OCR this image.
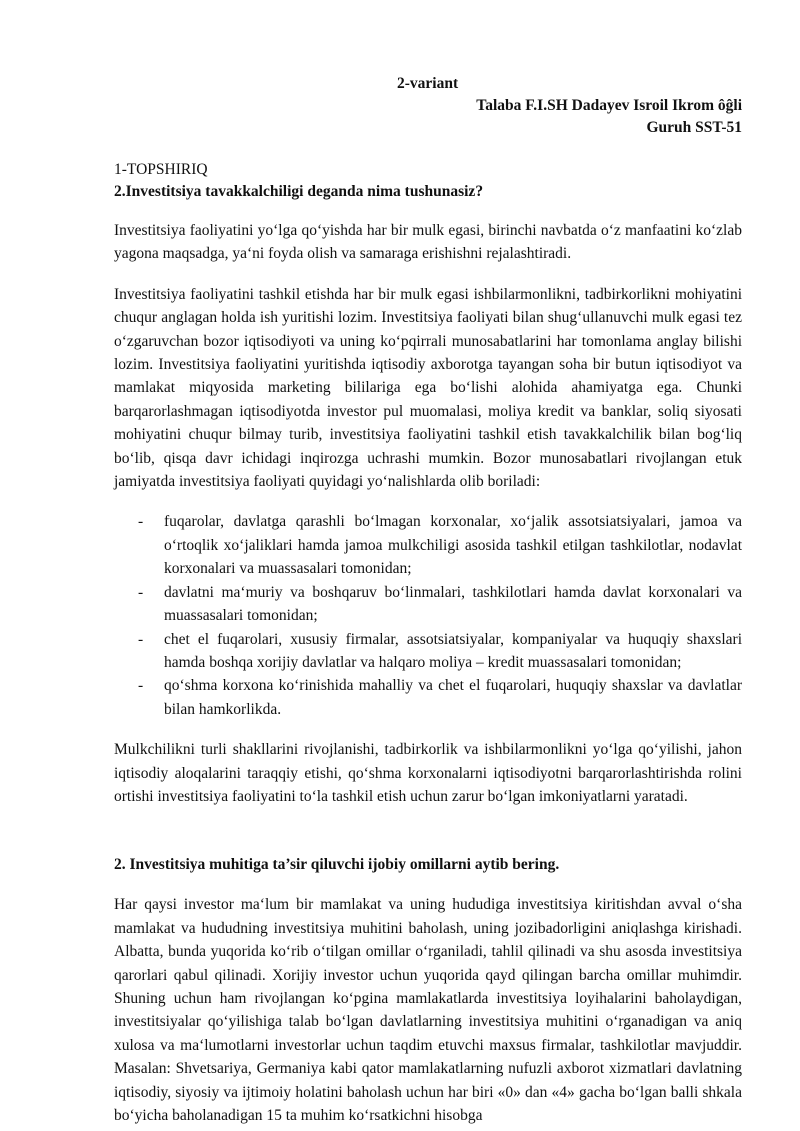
2-variant
Talaba F.I.SH Dadayev Isroil Ikrom ôĝli
Guruh SST-51
1-TOPSHIRIQ
2.Investitsiya tavakkalchiligi deganda nima tushunasiz?

Investitsiya faoliyatini yo‘lga qo‘yishda har bir mulk egasi, birinchi navbatda o‘z manfaatini ko‘zlab yagona maqsadga, ya‘ni foyda olish va samaraga erishishni rejalashtiradi.

Investitsiya faoliyatini tashkil etishda har bir mulk egasi ishbilarmonlikni, tadbirkorlikni mohiyatini chuqur anglagan holda ish yuritishi lozim. Investitsiya faoliyati bilan shug‘ullanuvchi mulk egasi tez o‘zgaruvchan bozor iqtisodiyoti va uning ko‘pqirrali munosabatlarini har tomonlama anglay bilishi lozim. Investitsiya faoliyatini yuritishda iqtisodiy axborotga tayangan soha bir butun iqtisodiyot va mamlakat miqyosida marketing bililariga ega bo‘lishi alohida ahamiyatga ega. Chunki barqarorlashmagan iqtisodiyotda investor pul muomalasi, moliya kredit va banklar, soliq siyosati mohiyatini chuqur bilmay turib, investitsiya faoliyatini tashkil etish tavakkalchilik bilan bog‘liq bo‘lib, qisqa davr ichidagi inqirozga uchrashi mumkin. Bozor munosabatlari rivojlangan etuk jamiyatda investitsiya faoliyati quyidagi yo‘nalishlarda olib boriladi:

- fuqarolar, davlatga qarashli bo‘lmagan korxonalar, xo‘jalik assotsiatsiyalari, jamoa va o‘rtoqlik xo‘jaliklari hamda jamoa mulkchiligi asosida tashkil etilgan tashkilotlar, nodavlat korxonalari va muassasalari tomonidan;
- davlatni ma‘muriy va boshqaruv bo‘linmalari, tashkilotlari hamda davlat korxonalari va muassasalari tomonidan;
- chet el fuqarolari, xususiy firmalar, assotsiatsiyalar, kompaniyalar va huquqiy shaxslari hamda boshqa xorijiy davlatlar va halqaro moliya – kredit muassasalari tomonidan;
- qo‘shma korxona ko‘rinishida mahalliy va chet el fuqarolari, huquqiy shaxslar va davlatlar bilan hamkorlikda.

Mulkchilikni turli shakllarini rivojlanishi, tadbirkorlik va ishbilarmonlikni yo‘lga qo‘yilishi, jahon iqtisodiy aloqalarini taraqqiy etishi, qo‘shma korxonalarni iqtisodiyotni barqarorlashtirishda rolini ortishi investitsiya faoliyatini to‘la tashkil etish uchun zarur bo‘lgan imkoniyatlarni yaratadi.

2. Investitsiya muhitiga ta’sir qiluvchi ijobiy omillarni aytib bering.

Har qaysi investor ma‘lum bir mamlakat va uning hududiga investitsiya kiritishdan avval o‘sha mamlakat va hududning investitsiya muhitini baholash, uning jozibadorligini aniqlashga kirishadi. Albatta, bunda yuqorida ko‘rib o‘tilgan omillar o‘rganiladi, tahlil qilinadi va shu asosda investitsiya qarorlari qabul qilinadi. Xorijiy investor uchun yuqorida qayd qilingan barcha omillar muhimdir. Shuning uchun ham rivojlangan ko‘pgina mamlakatlarda investitsiya loyihalarini baholaydigan, investitsiyalar qo‘yilishiga talab bo‘lgan davlatlarning investitsiya muhitini o‘rganadigan va aniq xulosa va ma‘lumotlarni investorlar uchun taqdim etuvchi maxsus firmalar, tashkilotlar mavjuddir. Masalan: Shvetsariya, Germaniya kabi qator mamlakatlarning nufuzli axborot xizmatlari davlatning iqtisodiy, siyosiy va ijtimoiy holatini baholash uchun har biri «0» dan «4» gacha bo‘lgan balli shkala bo‘yicha baholanadigan 15 ta muhim ko‘rsatkichni hisobga
